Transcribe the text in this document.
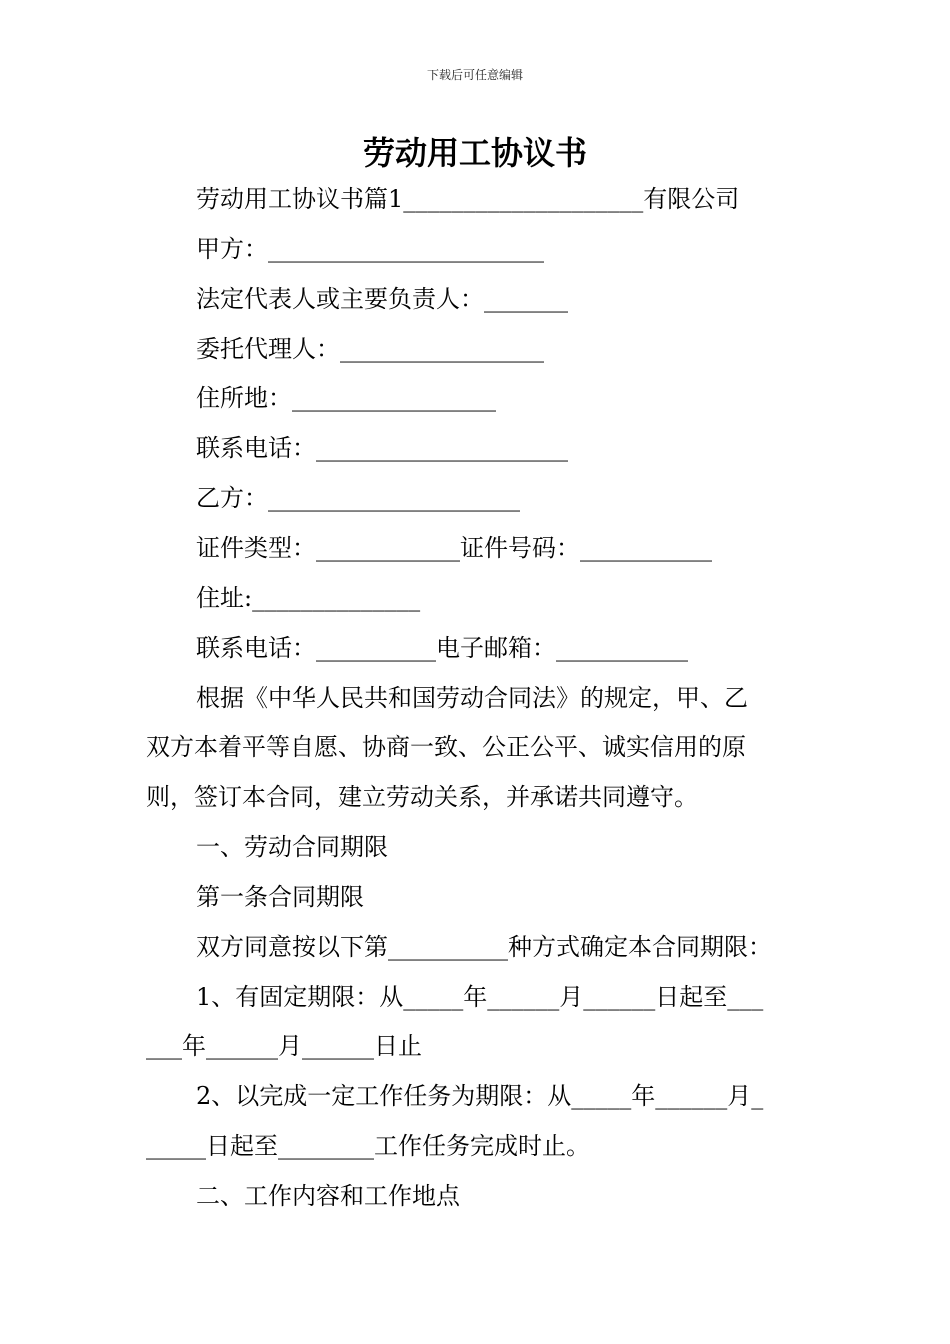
下载后可任意编辑
劳动用工协议书
劳动用工协议书篇1____________________有限公司
甲方：_______________________
法定代表人或主要负责人：_______
委托代理人：_________________
住所地：_________________
联系电话：_____________________
乙方：_____________________
证件类型：____________证件号码：___________
住址:______________
联系电话：__________电子邮箱：___________
根据《中华人民共和国劳动合同法》的规定，甲、乙
双方本着平等自愿、协商一致、公正公平、诚实信用的原
则，签订本合同，建立劳动关系，并承诺共同遵守。
一、劳动合同期限
第一条合同期限
双方同意按以下第__________种方式确定本合同期限：
1、有固定期限：从_____年______月______日起至___
___年______月______日止
2、以完成一定工作任务为期限：从_____年______月_
_____日起至________工作任务完成时止。
二、工作内容和工作地点
